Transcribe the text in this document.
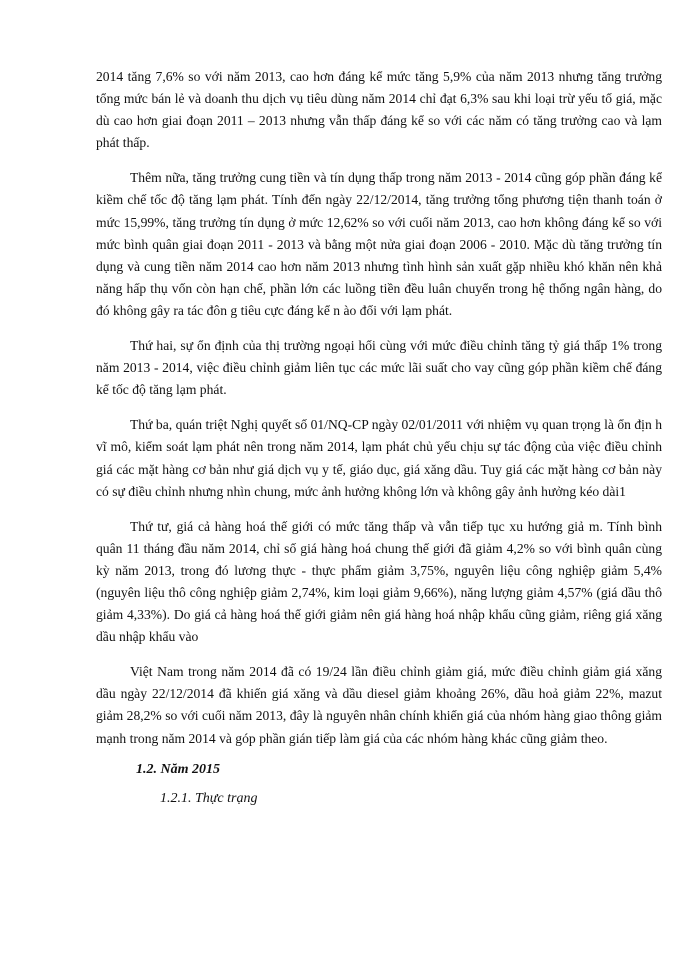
2014 tăng 7,6% so với năm 2013, cao hơn đáng kể mức tăng 5,9% của năm 2013 nhưng tăng trưởng tổng mức bán lẻ và doanh thu dịch vụ tiêu dùng năm 2014 chỉ đạt 6,3% sau khi loại trừ yếu tố giá, mặc dù cao hơn giai đoạn 2011 – 2013 nhưng vẫn thấp đáng kể so với các năm có tăng trưởng cao và lạm phát thấp.

Thêm nữa, tăng trưởng cung tiền và tín dụng thấp trong năm 2013 - 2014 cũng góp phần đáng kể kiềm chế tốc độ tăng lạm phát. Tính đến ngày 22/12/2014, tăng trưởng tổng phương tiện thanh toán ở mức 15,99%, tăng trưởng tín dụng ở mức 12,62% so với cuối năm 2013, cao hơn không đáng kể so với mức bình quân giai đoạn 2011 - 2013 và bằng một nửa giai đoạn 2006 - 2010. Mặc dù tăng trưởng tín dụng và cung tiền năm 2014 cao hơn năm 2013 nhưng tình hình sản xuất gặp nhiều khó khăn nên khả năng hấp thụ vốn còn hạn chế, phần lớn các luồng tiền đều luân chuyển trong hệ thống ngân hàng, do đó không gây ra tác đôn g tiêu cực đáng kể n ào đối với lạm phát.

Thứ hai, sự ổn định của thị trường ngoại hối cùng với mức điều chỉnh tăng tỷ giá thấp 1% trong năm 2013 - 2014, việc điều chỉnh giảm liên tục các mức lãi suất cho vay cũng góp phần kiềm chế đáng kể tốc độ tăng lạm phát.

Thứ ba, quán triệt Nghị quyết số 01/NQ-CP ngày 02/01/2011 với nhiệm vụ quan trọng là ổn địn h vĩ mô, kiểm soát lạm phát nên trong năm 2014, lạm phát chủ yếu chịu sự tác động của việc điều chỉnh giá các mặt hàng cơ bản như giá dịch vụ y tế, giáo dục, giá xăng dầu. Tuy giá các mặt hàng cơ bản này có sự điều chỉnh nhưng nhìn chung, mức ảnh hưởng không lớn và không gây ảnh hưởng kéo dài1

Thứ tư, giá cả hàng hoá thế giới có mức tăng thấp và vẫn tiếp tục xu hướng giả m. Tính bình quân 11 tháng đầu năm 2014, chỉ số giá hàng hoá chung thế giới đã giảm 4,2% so với bình quân cùng kỳ năm 2013, trong đó lương thực - thực phẩm giảm 3,75%, nguyên liệu công nghiệp giảm 5,4% (nguyên liệu thô công nghiệp giảm 2,74%, kim loại giảm 9,66%), năng lượng giảm 4,57% (giá dầu thô giảm 4,33%). Do giá cả hàng hoá thế giới giảm nên giá hàng hoá nhập khẩu cũng giảm, riêng giá xăng dầu nhập khẩu vào

Việt Nam trong năm 2014 đã có 19/24 lần điều chỉnh giảm giá, mức điều chỉnh giảm giá xăng dầu ngày 22/12/2014 đã khiến giá xăng và dầu diesel giảm khoảng 26%, dầu hoả giảm 22%, mazut giảm 28,2% so với cuối năm 2013, đây là nguyên nhân chính khiến giá của nhóm hàng giao thông giảm mạnh trong năm 2014 và góp phần gián tiếp làm giá của các nhóm hàng khác cũng giảm theo.

1.2. Năm 2015
1.2.1. Thực trạng
